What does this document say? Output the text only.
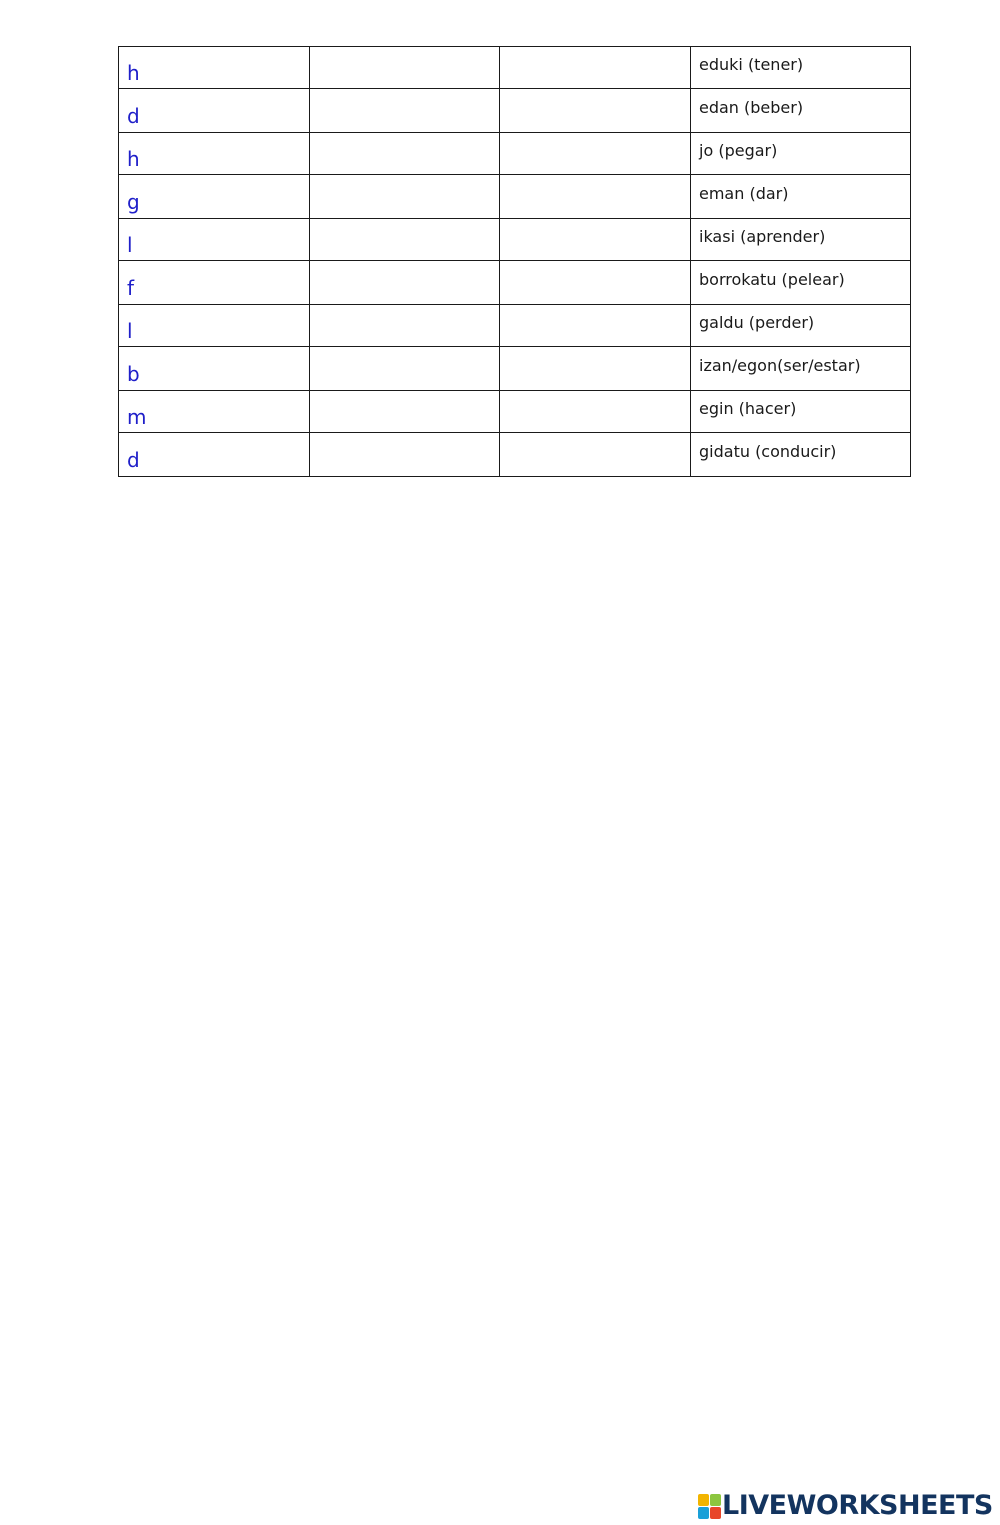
h			eduki (tener)

d			edan (beber)

h			jo (pegar)

g			eman (dar)

l			ikasi (aprender)

f			borrokatu (pelear)

l			galdu (perder)

b			izan/egon(ser/estar)

m			egin (hacer)

d			gidatu (conducir)
LIVEWORKSHEETS
